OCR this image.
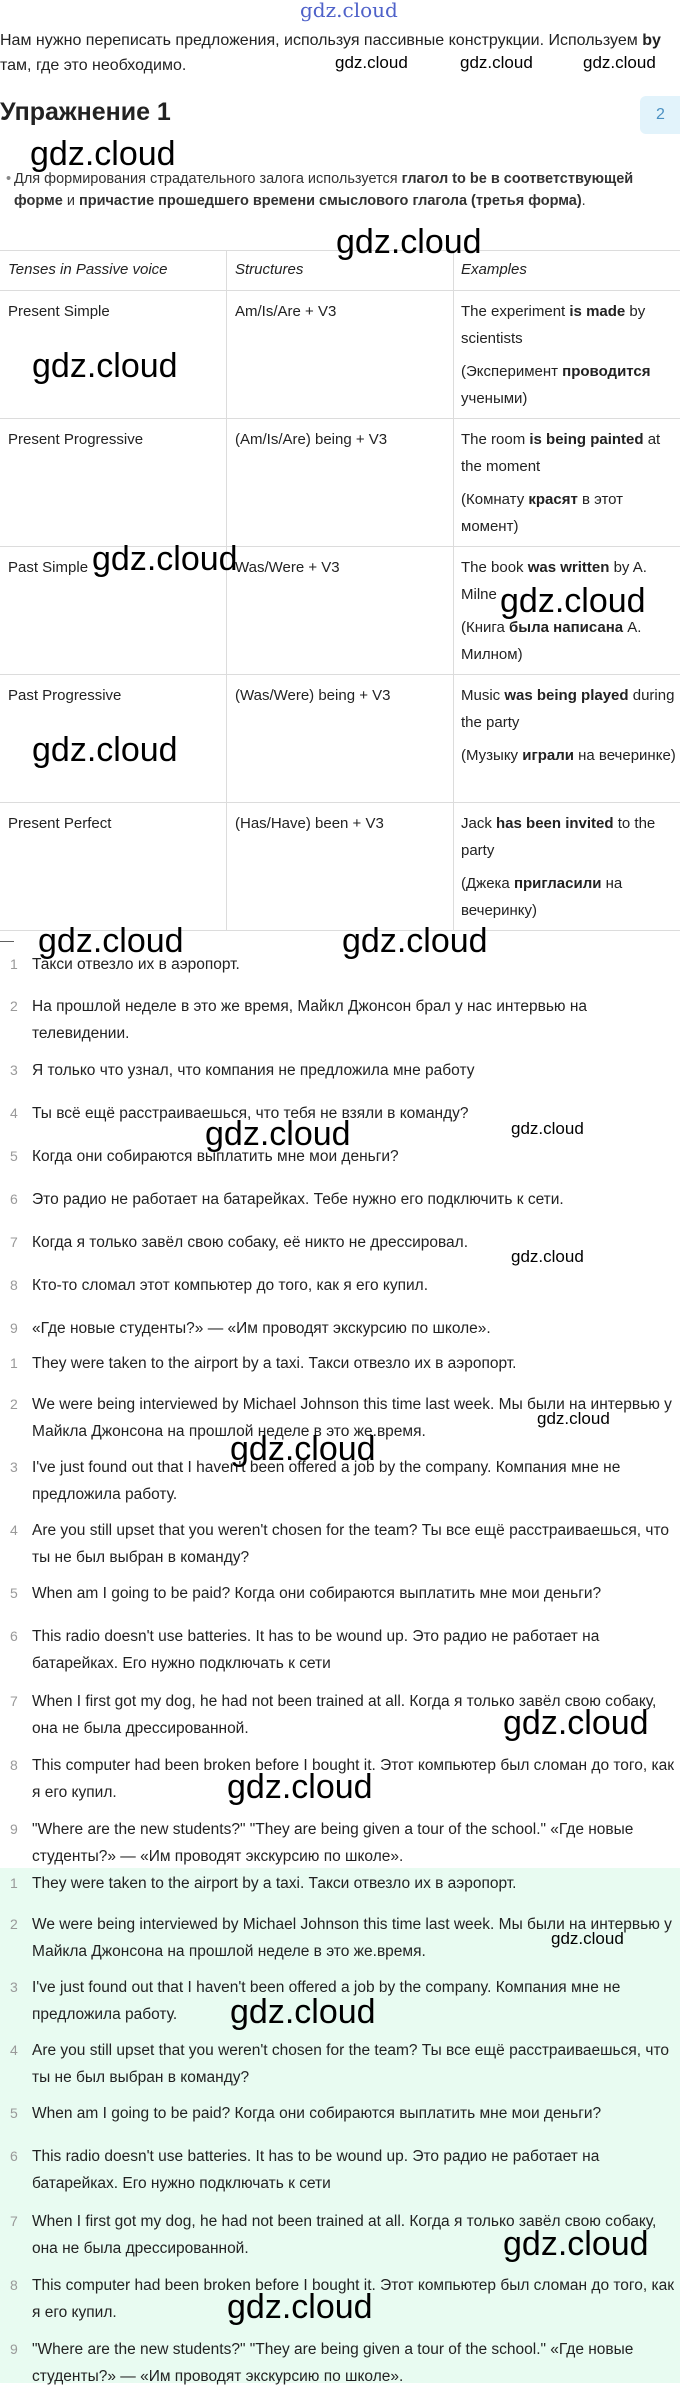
gdz.cloud
Нам нужно переписать предложения, используя пассивные конструкции. Используем by там, где это необходимо.
Упражнение 1	2
• Для формирования страдательного залога используется глагол to be в соответствующей форме и причастие прошедшего времени смыслового глагола (третья форма).
Tenses in Passive voice	Structures	Examples
Present Simple	Am/Is/Are + V3	The experiment is made by scientists
(Эксперимент проводится учеными)
Present Progressive	(Am/Is/Are) being + V3	The room is being painted at the moment
(Комнату красят в этот момент)
Past Simple	Was/Were + V3	The book was written by A. Milne
(Книга была написана А. Милном)
Past Progressive	(Was/Were) being + V3	Music was being played during the party
(Музыку играли на вечеринке)
Present Perfect	(Has/Have) been + V3	Jack has been invited to the party
(Джека пригласили на вечеринку)
—
1 Такси отвезло их в аэропорт.
2 На прошлой неделе в это же время, Майкл Джонсон брал у нас интервью на телевидении.
3 Я только что узнал, что компания не предложила мне работу
4 Ты всё ещё расстраиваешься, что тебя не взяли в команду?
5 Когда они собираются выплатить мне мои деньги?
6 Это радио не работает на батарейках. Тебе нужно его подключить к сети.
7 Когда я только завёл свою собаку, её никто не дрессировал.
8 Кто-то сломал этот компьютер до того, как я его купил.
9 «Где новые студенты?» — «Им проводят экскурсию по школе».
1 They were taken to the airport by a taxi. Такси отвезло их в аэропорт.
2 We were being interviewed by Michael Johnson this time last week. Мы были на интервью у Майкла Джонсона на прошлой неделе в это же.время.
3 I've just found out that I haven't been offered a job by the company. Компания мне не предложила работу.
4 Are you still upset that you weren't chosen for the team? Ты все ещё расстраиваешься, что ты не был выбран в команду?
5 When am I going to be paid? Когда они собираются выплатить мне мои деньги?
6 This radio doesn't use batteries. It has to be wound up. Это радио не работает на батарейках. Его нужно подключать к сети
7 When I first got my dog, he had not been trained at all. Когда я только завёл свою собаку, она не была дрессированной.
8 This computer had been broken before I bought it. Этот компьютер был сломан до того, как я его купил.
9 "Where are the new students?" "They are being given a tour of the school." «Где новые студенты?» — «Им проводят экскурсию по школе».
1 They were taken to the airport by a taxi. Такси отвезло их в аэропорт.
2 We were being interviewed by Michael Johnson this time last week. Мы были на интервью у Майкла Джонсона на прошлой неделе в это же.время.
3 I've just found out that I haven't been offered a job by the company. Компания мне не предложила работу.
4 Are you still upset that you weren't chosen for the team? Ты все ещё расстраиваешься, что ты не был выбран в команду?
5 When am I going to be paid? Когда они собираются выплатить мне мои деньги?
6 This radio doesn't use batteries. It has to be wound up. Это радио не работает на батарейках. Его нужно подключать к сети
7 When I first got my dog, he had not been trained at all. Когда я только завёл свою собаку, она не была дрессированной.
8 This computer had been broken before I bought it. Этот компьютер был сломан до того, как я его купил.
9 "Where are the new students?" "They are being given a tour of the school." «Где новые студенты?» — «Им проводят экскурсию по школе».
gdz.cloud	gdz.cloud	gdz.cloud
gdz.cloud
gdz.cloud
gdz.cloud
gdz.cloud
gdz.cloud
gdz.cloud
gdz.cloud	gdz.cloud
gdz.cloud	gdz.cloud
gdz.cloud
gdz.cloud
gdz.cloud
gdz.cloud
gdz.cloud
gdz.cloud
gdz.cloud
gdz.cloud
gdz.cloud
